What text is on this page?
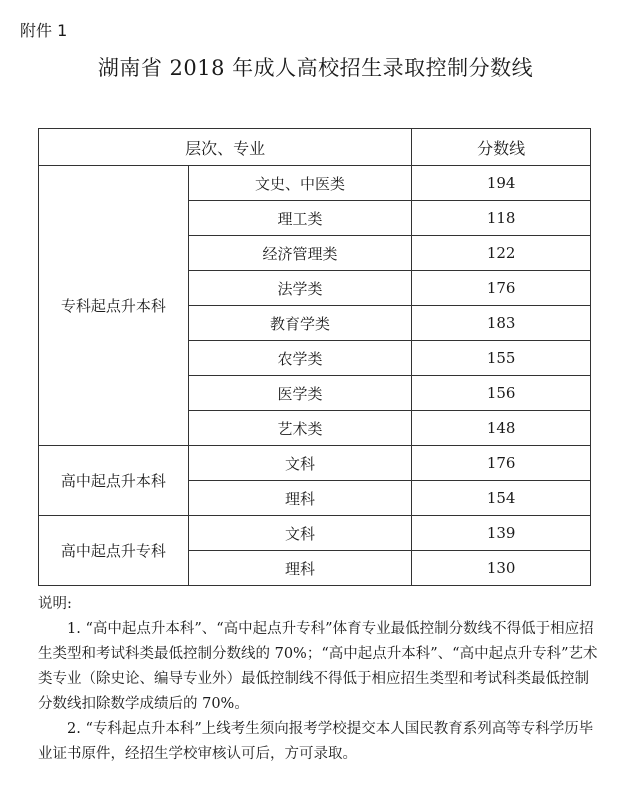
附件 1
湖南省 2018 年成人高校招生录取控制分数线
层次、专业		分数线
专科起点升本科	文史、中医类	194
	理工类	118
	经济管理类	122
	法学类	176
	教育学类	183
	农学类	155
	医学类	156
	艺术类	148
高中起点升本科	文科	176
	理科	154
高中起点升专科	文科	139
	理科	130

说明:

1. “高中起点升本科”、“高中起点升专科”体育专业最低控制分数线不得低于相应招生类型和考试科类最低控制分数线的 70%；“高中起点升本科”、“高中起点升专科”艺术类专业（除史论、编导专业外）最低控制线不得低于相应招生类型和考试科类最低控制分数线扣除数学成绩后的 70%。

2. “专科起点升本科”上线考生须向报考学校提交本人国民教育系列高等专科学历毕业证书原件，经招生学校审核认可后，方可录取。
